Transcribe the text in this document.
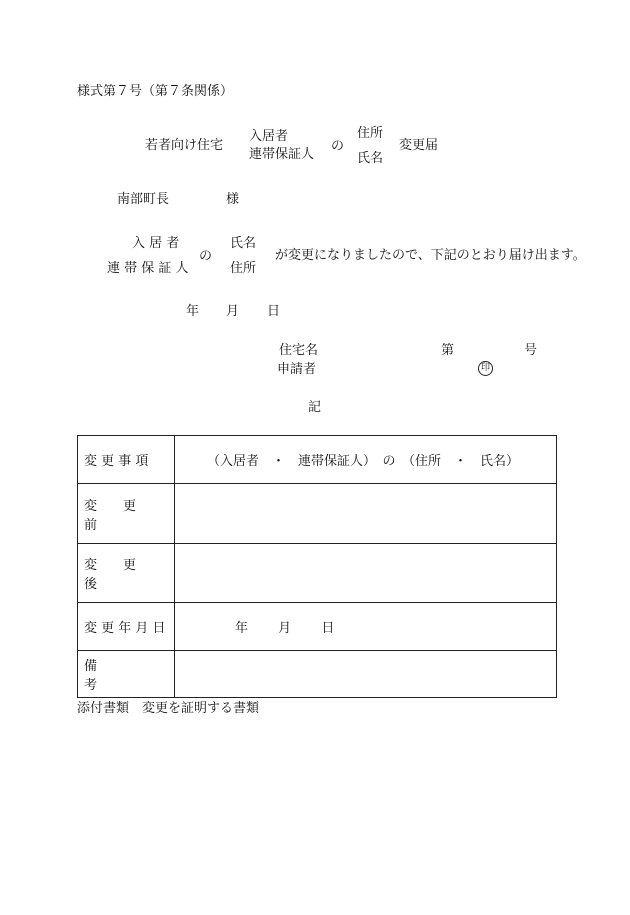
様式第７号（第７条関係）
若者向け住宅
入居者
連帯保証人
の
住所
氏名
変更届
南部町長	様
入 居 者
連 帯 保 証 人
の
氏名
住所
が変更になりましたので、下記のとおり届け出ます。
年 月 日
住宅名	第	号
申請者	印
記
変 更 事 項	（入居者　・　連帯保証人）　の　（住所　・　氏名）
変　　更　　前	
変　　更　　後	
変 更 年 月 日	年 月 日
備　　　　　考	
添付書類　変更を証明する書類
